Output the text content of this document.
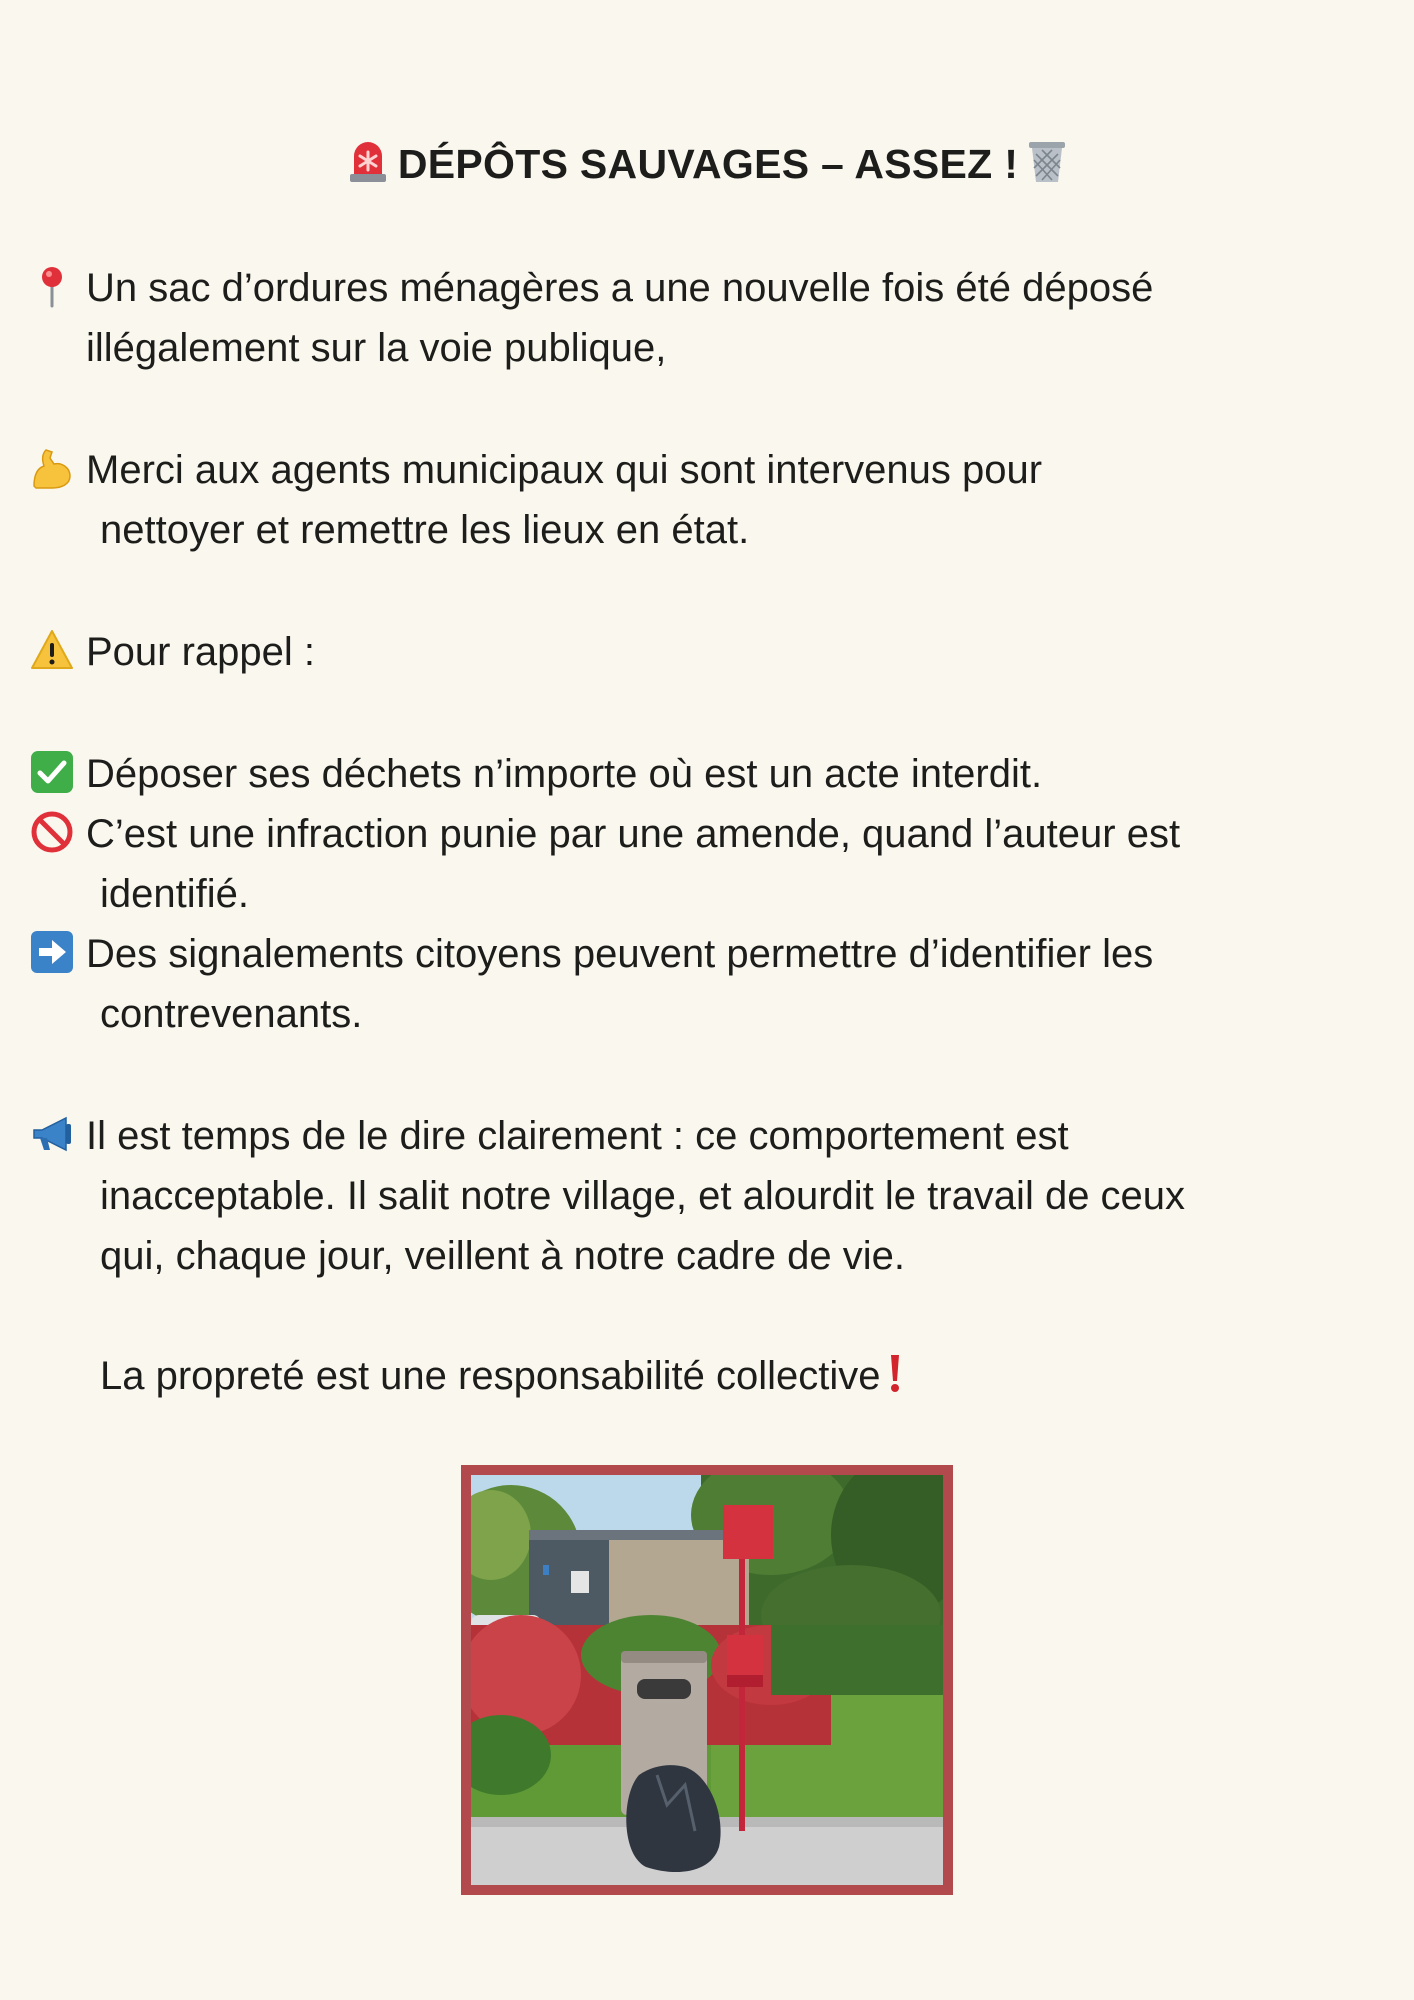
DÉPÔTS SAUVAGES – ASSEZ !
Un sac d’ordures ménagères a une nouvelle fois été déposé
illégalement sur la voie publique,
Merci aux agents municipaux qui sont intervenus pour
nettoyer et remettre les lieux en état.
Pour rappel :
Déposer ses déchets n’importe où est un acte interdit.
C’est une infraction punie par une amende, quand l’auteur est
identifié.
Des signalements citoyens peuvent permettre d’identifier les
contrevenants.
Il est temps de le dire clairement : ce comportement est
inacceptable. Il salit notre village, et alourdit le travail de ceux
qui, chaque jour, veillent à notre cadre de vie.
La propreté est une responsabilité collective
